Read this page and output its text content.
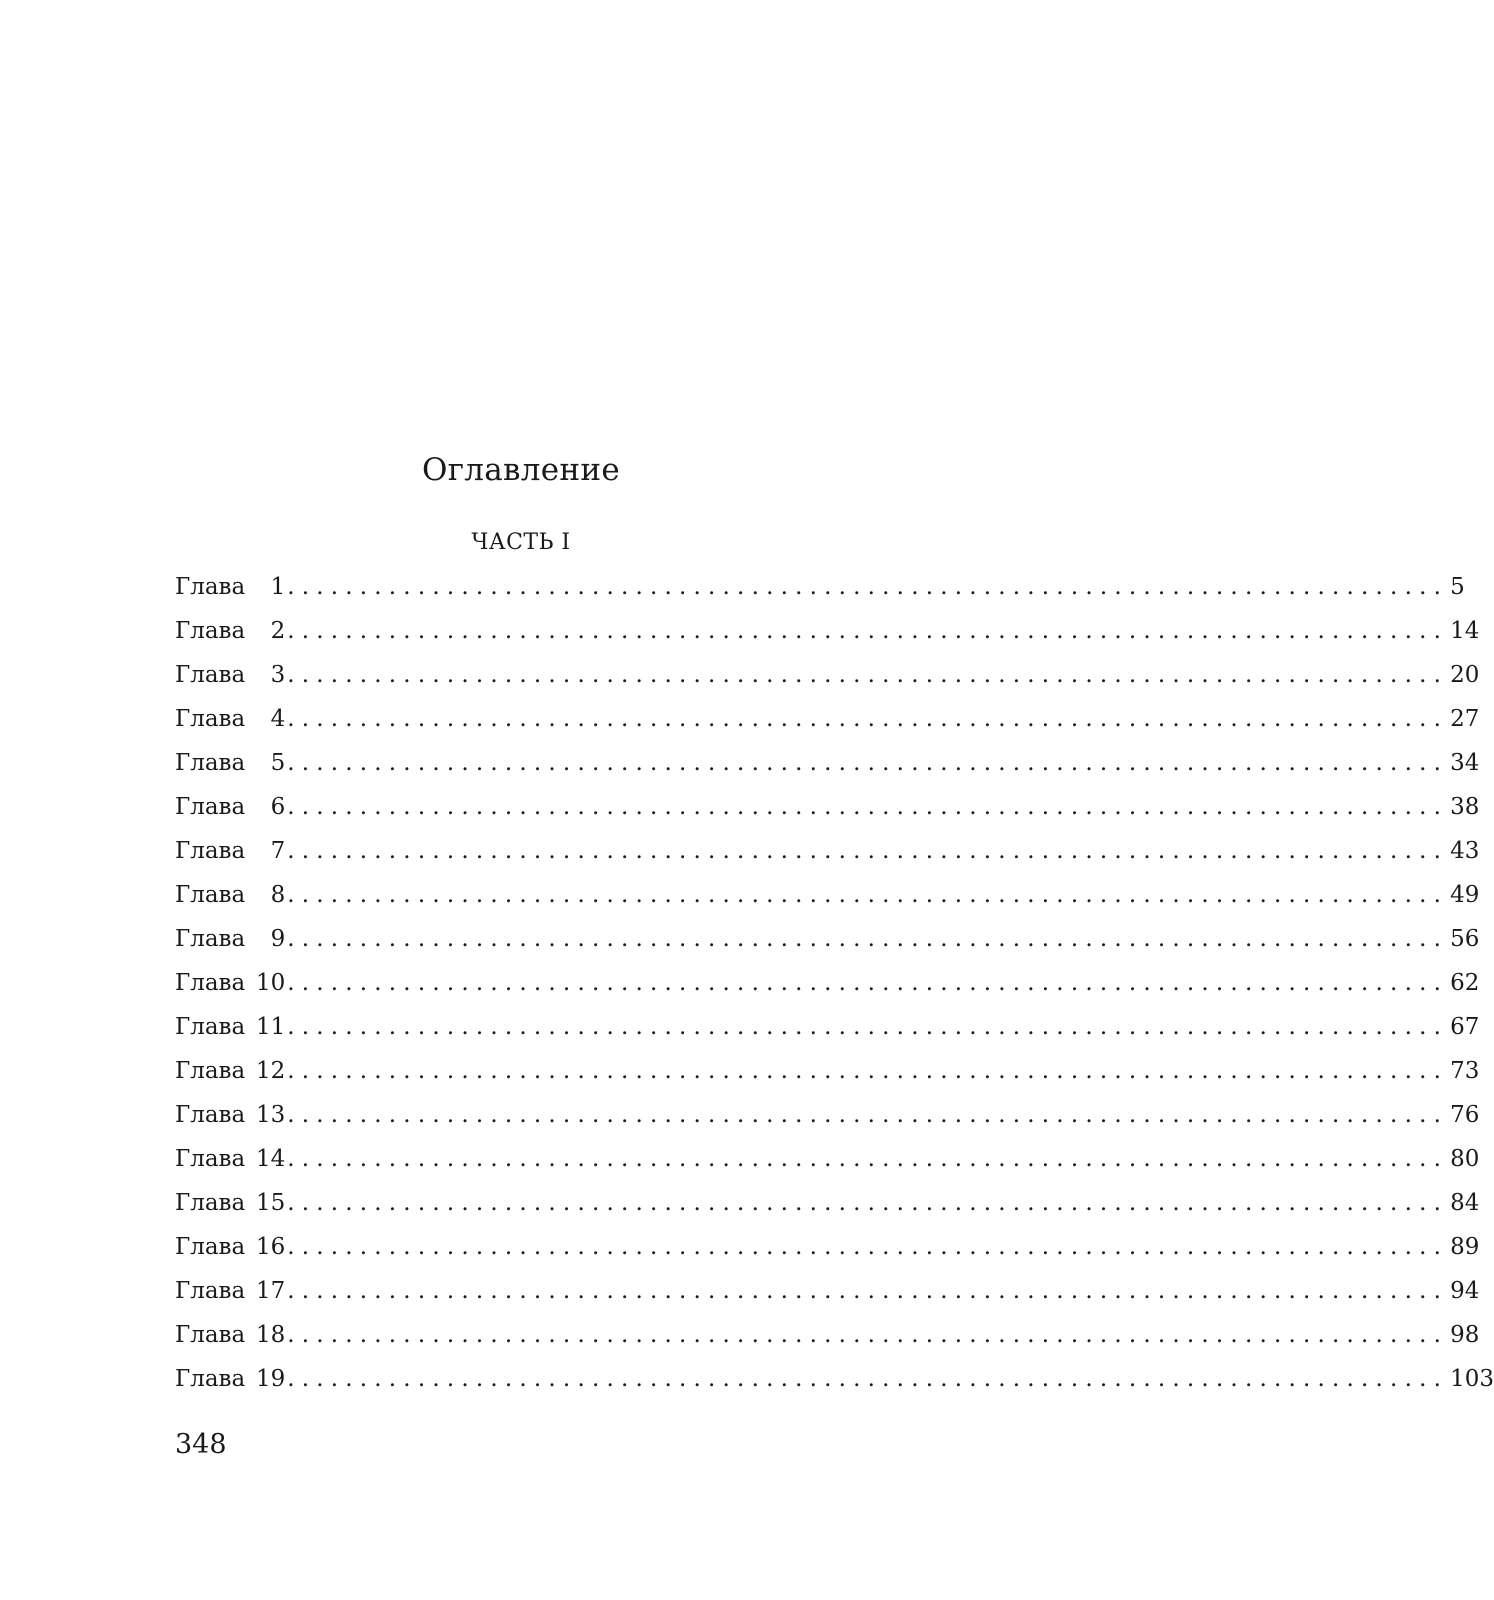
Оглавление
ЧАСТЬ I
Глава	1 ................................................................................ 5
Глава	2 ................................................................................ 14
Глава	3 ................................................................................ 20
Глава	4 ................................................................................ 27
Глава	5 ................................................................................ 34
Глава	6 ................................................................................ 38
Глава	7 ................................................................................ 43
Глава	8 ................................................................................ 49
Глава	9 ................................................................................ 56
Глава 10 ................................................................................ 62
Глава 11 ................................................................................ 67
Глава 12 ................................................................................ 73
Глава 13 ................................................................................ 76
Глава 14 ................................................................................ 80
Глава 15 ................................................................................ 84
Глава 16 ................................................................................ 89
Глава 17 ................................................................................ 94
Глава 18 ................................................................................ 98
Глава 19 ................................................................................ 103
348
